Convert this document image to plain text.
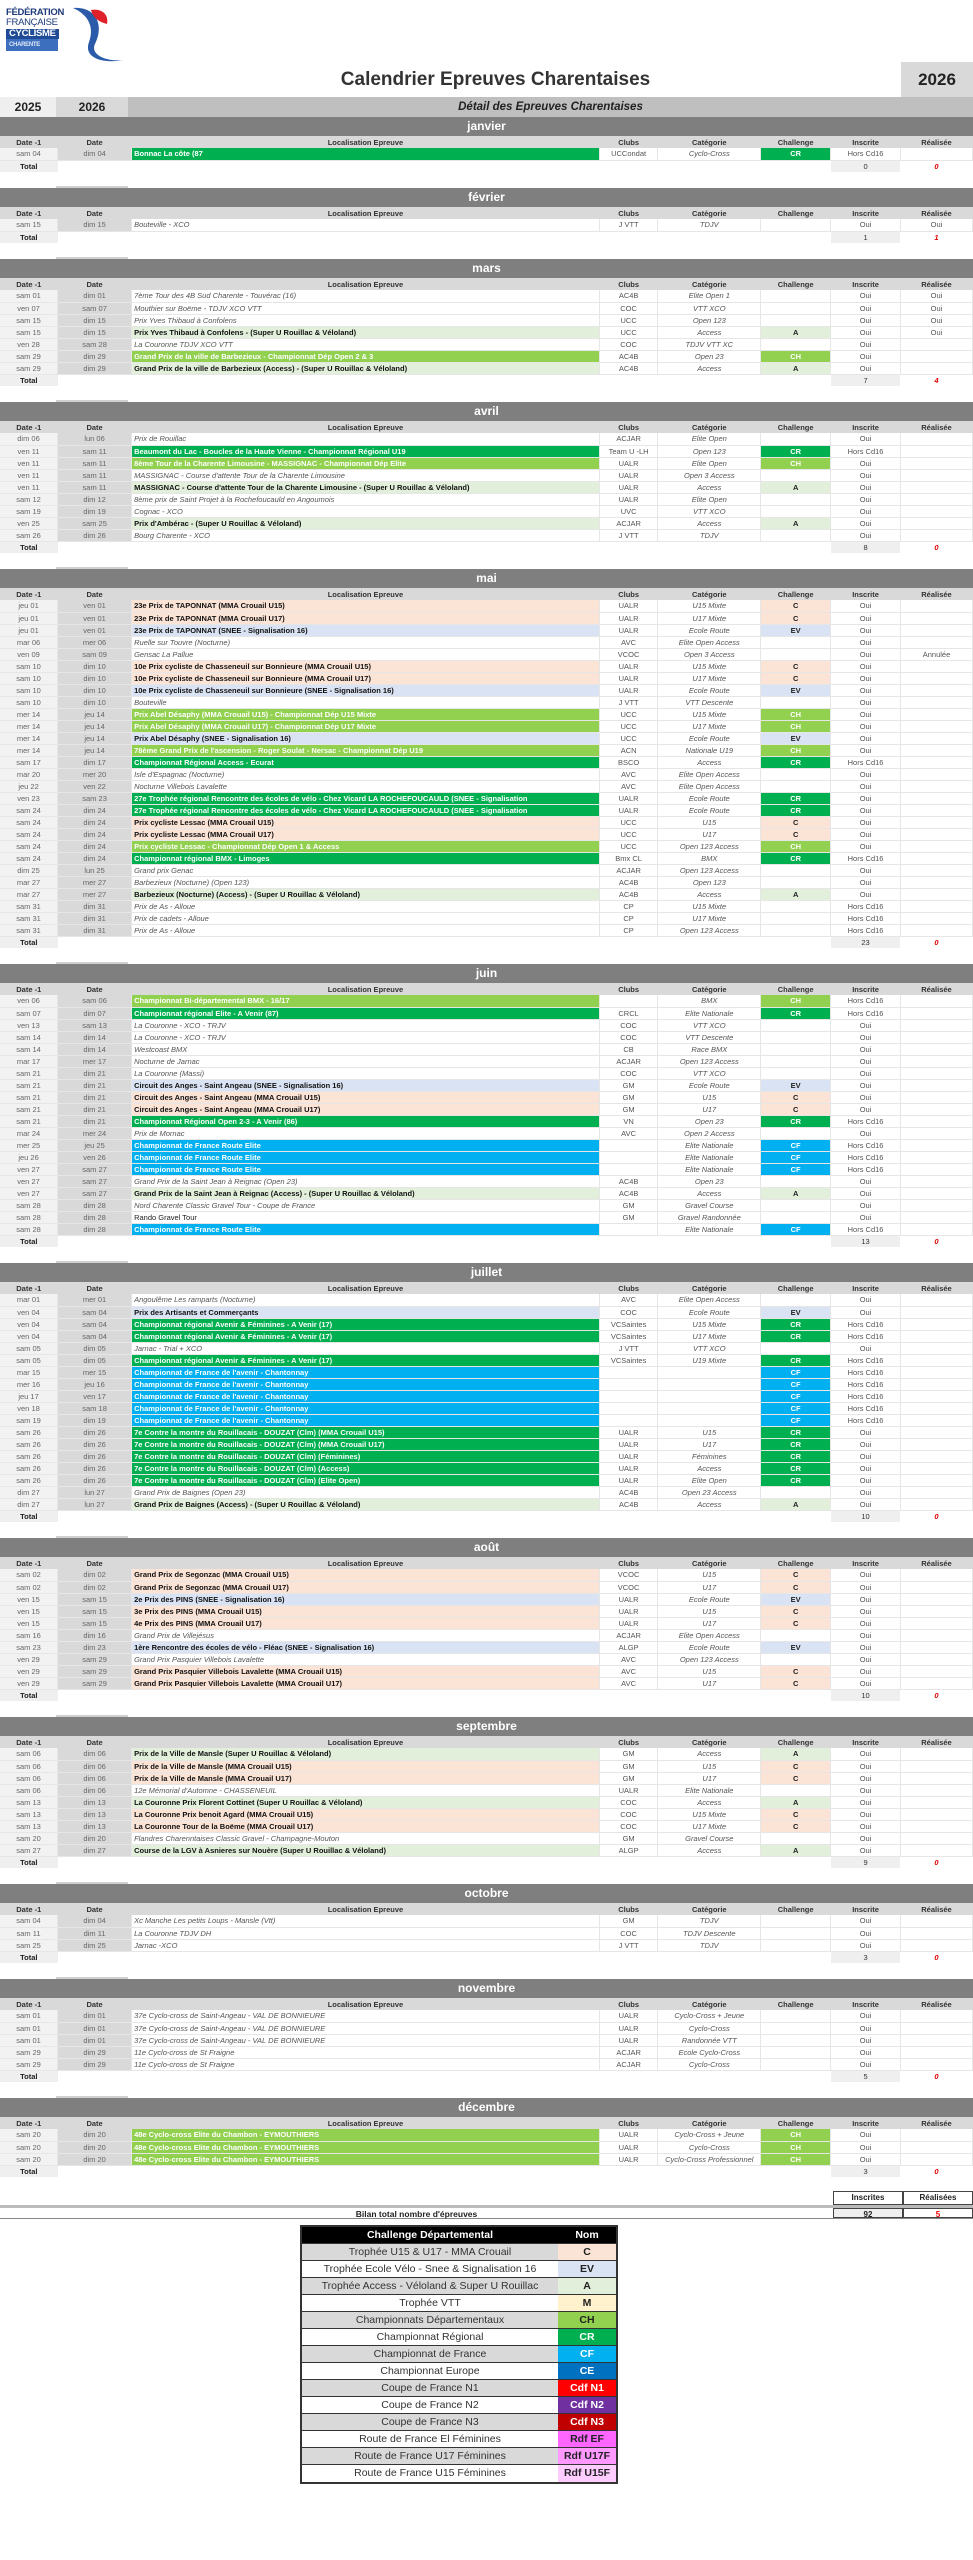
FÉDÉRATION
FRANÇAISE
CYCLISME
CHARENTE
Calendrier Epreuves Charentaises	2026
2025	2026	Détail des Epreuves Charentaises
janvier
Date -1	Date	Localisation Epreuve	Clubs	Catégorie	Challenge	Inscrite	Réalisée
sam 04	dim 04	Bonnac La côte (87	UCCondat	Cyclo-Cross	CR	Hors Cd16	
Total						0	0
février
Date -1	Date	Localisation Epreuve	Clubs	Catégorie	Challenge	Inscrite	Réalisée
sam 15	dim 15	Bouteville - XCO	J VTT	TDJV		Oui	Oui
Total						1	1
mars
Date -1	Date	Localisation Epreuve	Clubs	Catégorie	Challenge	Inscrite	Réalisée
sam 01	dim 01	7ème Tour des 4B Sud Charente - Touvérac (16)	AC4B	Elite Open 1		Oui	Oui
ven 07	sam 07	Mouthier sur Boëme - TDJV XCO VTT	COC	VTT XCO		Oui	Oui
sam 15	dim 15	Prix Yves Thibaud à Confolens	UCC	Open 123		Oui	Oui
sam 15	dim 15	Prix Yves Thibaud à Confolens - (Super U Rouillac & Véloland)	UCC	Access	A	Oui	Oui
ven 28	sam 28	La Couronne TDJV XCO VTT	COC	TDJV VTT XC		Oui	
sam 29	dim 29	Grand Prix de la ville de Barbezieux - Championnat Dép Open 2 & 3	AC4B	Open 23	CH	Oui	
sam 29	dim 29	Grand Prix de la ville de Barbezieux (Access) - (Super U Rouillac & Véloland)	AC4B	Access	A	Oui	
Total						7	4
avril
Date -1	Date	Localisation Epreuve	Clubs	Catégorie	Challenge	Inscrite	Réalisée
dim 06	lun 06	Prix de Rouillac	ACJAR	Elite Open		Oui	
ven 11	sam 11	Beaumont du Lac - Boucles de la Haute Vienne - Championnat Régional U19	Team U -LH	Open 123	CR	Hors Cd16	
ven 11	sam 11	8ème Tour de la Charente Limousine - MASSIGNAC - Championnat Dép Elite	UALR	Elite Open	CH	Oui	
ven 11	sam 11	MASSIGNAC - Course d'attente Tour de la Charente Limousine	UALR	Open 3 Access		Oui	
ven 11	sam 11	MASSIGNAC - Course d'attente Tour de la Charente Limousine - (Super U Rouillac & Véloland)	UALR	Access	A	Oui	
sam 12	dim 12	8ème prix de Saint Projet à la Rochefoucauld en Angoumois	UALR	Elite Open		Oui	
sam 19	dim 19	Cognac - XCO	UVC	VTT XCO		Oui	
ven 25	sam 25	Prix d'Ambérac - (Super U Rouillac & Véloland)	ACJAR	Access	A	Oui	
sam 26	dim 26	Bourg Charente - XCO	J VTT	TDJV		Oui	
Total						8	0
mai
Date -1	Date	Localisation Epreuve	Clubs	Catégorie	Challenge	Inscrite	Réalisée
jeu 01	ven 01	23e Prix de TAPONNAT (MMA Crouail U15)	UALR	U15 Mixte	C	Oui	
jeu 01	ven 01	23e Prix de TAPONNAT (MMA Crouail U17)	UALR	U17 Mixte	C	Oui	
jeu 01	ven 01	23e Prix de TAPONNAT (SNEE - Signalisation 16)	UALR	Ecole Route	EV	Oui	
mar 06	mer 06	Ruelle sur Touvre (Nocturne)	AVC	Elite Open Access		Oui	
ven 09	sam 09	Gensac La Pallue	VCOC	Open 3 Access		Oui	Annulée
sam 10	dim 10	10e Prix cycliste de Chasseneuil sur Bonnieure (MMA Crouail U15)	UALR	U15 Mixte	C	Oui	
sam 10	dim 10	10e Prix cycliste de Chasseneuil sur Bonnieure (MMA Crouail U17)	UALR	U17 Mixte	C	Oui	
sam 10	dim 10	10e Prix cycliste de Chasseneuil sur Bonnieure (SNEE - Signalisation 16)	UALR	Ecole Route	EV	Oui	
sam 10	dim 10	Bouteville	J VTT	VTT Descente		Oui	
mer 14	jeu 14	Prix Abel Désaphy (MMA Crouail U15) - Championnat Dép U15 Mixte	UCC	U15 Mixte	CH	Oui	
mer 14	jeu 14	Prix Abel Désaphy (MMA Crouail U17) - Championnat Dép U17 Mixte	UCC	U17 Mixte	CH	Oui	
mer 14	jeu 14	Prix Abel Désaphy (SNEE - Signalisation 16)	UCC	Ecole Route	EV	Oui	
mer 14	jeu 14	78ème Grand Prix de l'ascension - Roger Soulat - Nersac - Championnat Dép U19	ACN	Nationale U19	CH	Oui	
sam 17	dim 17	Championnat Régional Access - Ecurat	BSCO	Access	CR	Hors Cd16	
mar 20	mer 20	Isle d'Espagnac (Nocturne)	AVC	Elite Open Access		Oui	
jeu 22	ven 22	Nocturne Villebois Lavalette	AVC	Elite Open Access		Oui	
ven 23	sam 23	27e Trophée régional Rencontre des écoles de vélo - Chez Vicard LA ROCHEFOUCAULD (SNEE - Signalisation	UALR	Ecole Route	CR	Oui	
sam 24	dim 24	27e Trophée régional Rencontre des écoles de vélo - Chez Vicard LA ROCHEFOUCAULD (SNEE - Signalisation	UALR	Ecole Route	CR	Oui	
sam 24	dim 24	Prix cycliste Lessac (MMA Crouail U15)	UCC	U15	C	Oui	
sam 24	dim 24	Prix cycliste Lessac (MMA Crouail U17)	UCC	U17	C	Oui	
sam 24	dim 24	Prix cycliste Lessac - Championnat Dép Open 1 & Access	UCC	Open 123 Access	CH	Oui	
sam 24	dim 24	Championnat régional BMX - Limoges	Bmx CL	BMX	CR	Hors Cd16	
dim 25	lun 25	Grand prix Genac	ACJAR	Open 123 Access		Oui	
mar 27	mer 27	Barbezieux (Nocturne) (Open 123)	AC4B	Open 123		Oui	
mar 27	mer 27	Barbezieux (Nocturne) (Access) - (Super U Rouillac & Véloland)	AC4B	Access	A	Oui	
sam 31	dim 31	Prix de As - Alloue	CP	U15 Mixte		Hors Cd16	
sam 31	dim 31	Prix de cadets - Alloue	CP	U17 Mixte		Hors Cd16	
sam 31	dim 31	Prix de As - Alloue	CP	Open 123 Access		Hors Cd16	
Total						23	0
juin
Date -1	Date	Localisation Epreuve	Clubs	Catégorie	Challenge	Inscrite	Réalisée
ven 06	sam 06	Championnat Bi-départemental BMX - 16/17		BMX	CH	Hors Cd16	
sam 07	dim 07	Championnat régional Elite - A Venir (87)	CRCL	Elite Nationale	CR	Hors Cd16	
ven 13	sam 13	La Couronne - XCO - TRJV	COC	VTT XCO		Oui	
sam 14	dim 14	La Couronne - XCO - TRJV	COC	VTT Descente		Oui	
sam 14	dim 14	Westcoast BMX	CB	Race BMX		Oui	
mar 17	mer 17	Nocturne de Jarnac	ACJAR	Open 123 Access		Oui	
sam 21	dim 21	La Couronne (Massi)	COC	VTT XCO		Oui	
sam 21	dim 21	Circuit des Anges - Saint Angeau (SNEE - Signalisation 16)	GM	Ecole Route	EV	Oui	
sam 21	dim 21	Circuit des Anges - Saint Angeau (MMA Crouail U15)	GM	U15	C	Oui	
sam 21	dim 21	Circuit des Anges - Saint Angeau (MMA Crouail U17)	GM	U17	C	Oui	
sam 21	dim 21	Championnat Régional Open 2-3 - A Venir (86)	VN	Open 23	CR	Hors Cd16	
mar 24	mer 24	Prix de Mornac	AVC	Open 2 Access		Oui	
mer 25	jeu 25	Championnat de France Route Elite		Elite Nationale	CF	Hors Cd16	
jeu 26	ven 26	Championnat de France Route Elite		Elite Nationale	CF	Hors Cd16	
ven 27	sam 27	Championnat de France Route Elite		Elite Nationale	CF	Hors Cd16	
ven 27	sam 27	Grand Prix de la Saint Jean à Reignac (Open 23)	AC4B	Open 23		Oui	
ven 27	sam 27	Grand Prix de la Saint Jean à Reignac (Access) - (Super U Rouillac & Véloland)	AC4B	Access	A	Oui	
sam 28	dim 28	Nord Charente Classic Gravel Tour - Coupe de France	GM	Gravel Course		Oui	
sam 28	dim 28	Rando Gravel Tour	GM	Gravel Randonnée		Oui	
sam 28	dim 28	Championnat de France Route Elite		Elite Nationale	CF	Hors Cd16	
Total						13	0
juillet
Date -1	Date	Localisation Epreuve	Clubs	Catégorie	Challenge	Inscrite	Réalisée
mar 01	mer 01	Angoulême Les ramparts (Nocturne)	AVC	Elite Open Access		Oui	
ven 04	sam 04	Prix des Artisants et Commerçants	COC	Ecole Route	EV	Oui	
ven 04	sam 04	Championnat régional Avenir & Féminines - A Venir (17)	VCSaintes	U15 Mixte	CR	Hors Cd16	
ven 04	sam 04	Championnat régional Avenir & Féminines - A Venir (17)	VCSaintes	U17 Mixte	CR	Hors Cd16	
sam 05	dim 05	Jarnac - Trial + XCO	J VTT	VTT XCO		Oui	
sam 05	dim 05	Championnat régional Avenir & Féminines - A Venir (17)	VCSaintes	U19 Mixte	CR	Hors Cd16	
mar 15	mer 15	Championnat de France de l'avenir - Chantonnay			CF	Hors Cd16	
mer 16	jeu 16	Championnat de France de l'avenir - Chantonnay			CF	Hors Cd16	
jeu 17	ven 17	Championnat de France de l'avenir - Chantonnay			CF	Hors Cd16	
ven 18	sam 18	Championnat de France de l'avenir - Chantonnay			CF	Hors Cd16	
sam 19	dim 19	Championnat de France de l'avenir - Chantonnay			CF	Hors Cd16	
sam 26	dim 26	7e Contre la montre du Rouillacais - DOUZAT (Clm) (MMA Crouail U15)	UALR	U15	CR	Oui	
sam 26	dim 26	7e Contre la montre du Rouillacais - DOUZAT (Clm) (MMA Crouail U17)	UALR	U17	CR	Oui	
sam 26	dim 26	7e Contre la montre du Rouillacais - DOUZAT (Clm) (Féminines)	UALR	Féminines	CR	Oui	
sam 26	dim 26	7e Contre la montre du Rouillacais - DOUZAT (Clm) (Access)	UALR	Access	CR	Oui	
sam 26	dim 26	7e Contre la montre du Rouillacais - DOUZAT (Clm) (Elite Open)	UALR	Elite Open	CR	Oui	
dim 27	lun 27	Grand Prix de Baignes (Open 23)	AC4B	Open 23 Access		Oui	
dim 27	lun 27	Grand Prix de Baignes (Access) - (Super U Rouillac & Véloland)	AC4B	Access	A	Oui	
Total						10	0
août
Date -1	Date	Localisation Epreuve	Clubs	Catégorie	Challenge	Inscrite	Réalisée
sam 02	dim 02	Grand Prix de Segonzac (MMA Crouail U15)	VCOC	U15	C	Oui	
sam 02	dim 02	Grand Prix de Segonzac (MMA Crouail U17)	VCOC	U17	C	Oui	
ven 15	sam 15	2e Prix des PINS (SNEE - Signalisation 16)	UALR	Ecole Route	EV	Oui	
ven 15	sam 15	3e Prix des PINS (MMA Crouail U15)	UALR	U15	C	Oui	
ven 15	sam 15	4e Prix des PINS (MMA Crouail U17)	UALR	U17	C	Oui	
sam 16	dim 16	Grand Prix de Villejésus	ACJAR	Elite Open Access		Oui	
sam 23	dim 23	1ère Rencontre des écoles de vélo - Fléac (SNEE - Signalisation 16)	ALGP	Ecole Route	EV	Oui	
ven 29	sam 29	Grand Prix Pasquier Villebois Lavalette	AVC	Open 123 Access		Oui	
ven 29	sam 29	Grand Prix Pasquier Villebois Lavalette (MMA Crouail U15)	AVC	U15	C	Oui	
ven 29	sam 29	Grand Prix Pasquier Villebois Lavalette (MMA Crouail U17)	AVC	U17	C	Oui	
Total						10	0
septembre
Date -1	Date	Localisation Epreuve	Clubs	Catégorie	Challenge	Inscrite	Réalisée
sam 06	dim 06	Prix de la Ville de Mansle (Super U Rouillac & Véloland)	GM	Access	A	Oui	
sam 06	dim 06	Prix de la Ville de Mansle (MMA Crouail U15)	GM	U15	C	Oui	
sam 06	dim 06	Prix de la Ville de Mansle (MMA Crouail U17)	GM	U17	C	Oui	
sam 06	dim 06	12e Mémorial d'Automne - CHASSENEUIL	UALR	Elite Nationale		Oui	
sam 13	dim 13	La Couronne Prix Florent Cottinet (Super U Rouillac & Véloland)	COC	Access	A	Oui	
sam 13	dim 13	La Couronne Prix benoit Agard (MMA Crouail U15)	COC	U15 Mixte	C	Oui	
sam 13	dim 13	La Couronne Tour de la Boëme (MMA Crouail U17)	COC	U17 Mixte	C	Oui	
sam 20	dim 20	Flandres Charenntaises Classic Gravel - Champagne-Mouton	GM	Gravel Course		Oui	
sam 27	dim 27	Course de la LGV à Asnieres sur Nouère (Super U Rouillac & Véloland)	ALGP	Access	A	Oui	
Total						9	0
octobre
Date -1	Date	Localisation Epreuve	Clubs	Catégorie	Challenge	Inscrite	Réalisée
sam 04	dim 04	Xc Manche Les petits Loups - Mansle (Vtt)	GM	TDJV		Oui	
sam 11	dim 11	La Couronne TDJV DH	COC	TDJV Descente		Oui	
sam 25	dim 25	Jarnac -XCO	J VTT	TDJV		Oui	
Total						3	0
novembre
Date -1	Date	Localisation Epreuve	Clubs	Catégorie	Challenge	Inscrite	Réalisée
sam 01	dim 01	37e Cyclo-cross de Saint-Angeau - VAL DE BONNIEURE	UALR	Cyclo-Cross + Jeune		Oui	
sam 01	dim 01	37e Cyclo-cross de Saint-Angeau - VAL DE BONNIEURE	UALR	Cyclo-Cross		Oui	
sam 01	dim 01	37e Cyclo-cross de Saint-Angeau - VAL DE BONNIEURE	UALR	Randonnée VTT		Oui	
sam 29	dim 29	11e Cyclo-cross de St Fraigne	ACJAR	Ecole Cyclo-Cross		Oui	
sam 29	dim 29	11e Cyclo-cross de St Fraigne	ACJAR	Cyclo-Cross		Oui	
Total						5	0
décembre
Date -1	Date	Localisation Epreuve	Clubs	Catégorie	Challenge	Inscrite	Réalisée
sam 20	dim 20	48e Cyclo-cross Elite du Chambon - EYMOUTHIERS	UALR	Cyclo-Cross + Jeune	CH	Oui	
sam 20	dim 20	48e Cyclo-cross Elite du Chambon - EYMOUTHIERS	UALR	Cyclo-Cross	CH	Oui	
sam 20	dim 20	48e Cyclo-cross Elite du Chambon - EYMOUTHIERS	UALR	Cyclo-Cross Professionnel	CH	Oui	
Total						3	0
Inscrites	Réalisées
Bilan total nombre d'épreuves	92	5
Challenge Départemental	Nom
Trophée U15 & U17 - MMA Crouail	C
Trophée Ecole Vélo - Snee & Signalisation 16	EV
Trophée Access - Véloland & Super U Rouillac	A
Trophée VTT	M
Championnats Départementaux	CH
Championnat Régional	CR
Championnat de France	CF
Championnat Europe	CE
Coupe de France N1	Cdf N1
Coupe de France N2	Cdf N2
Coupe de France N3	Cdf N3
Route de France El Féminines	Rdf EF
Route de France U17 Féminines	Rdf U17F
Route de France U15 Féminines	Rdf U15F
